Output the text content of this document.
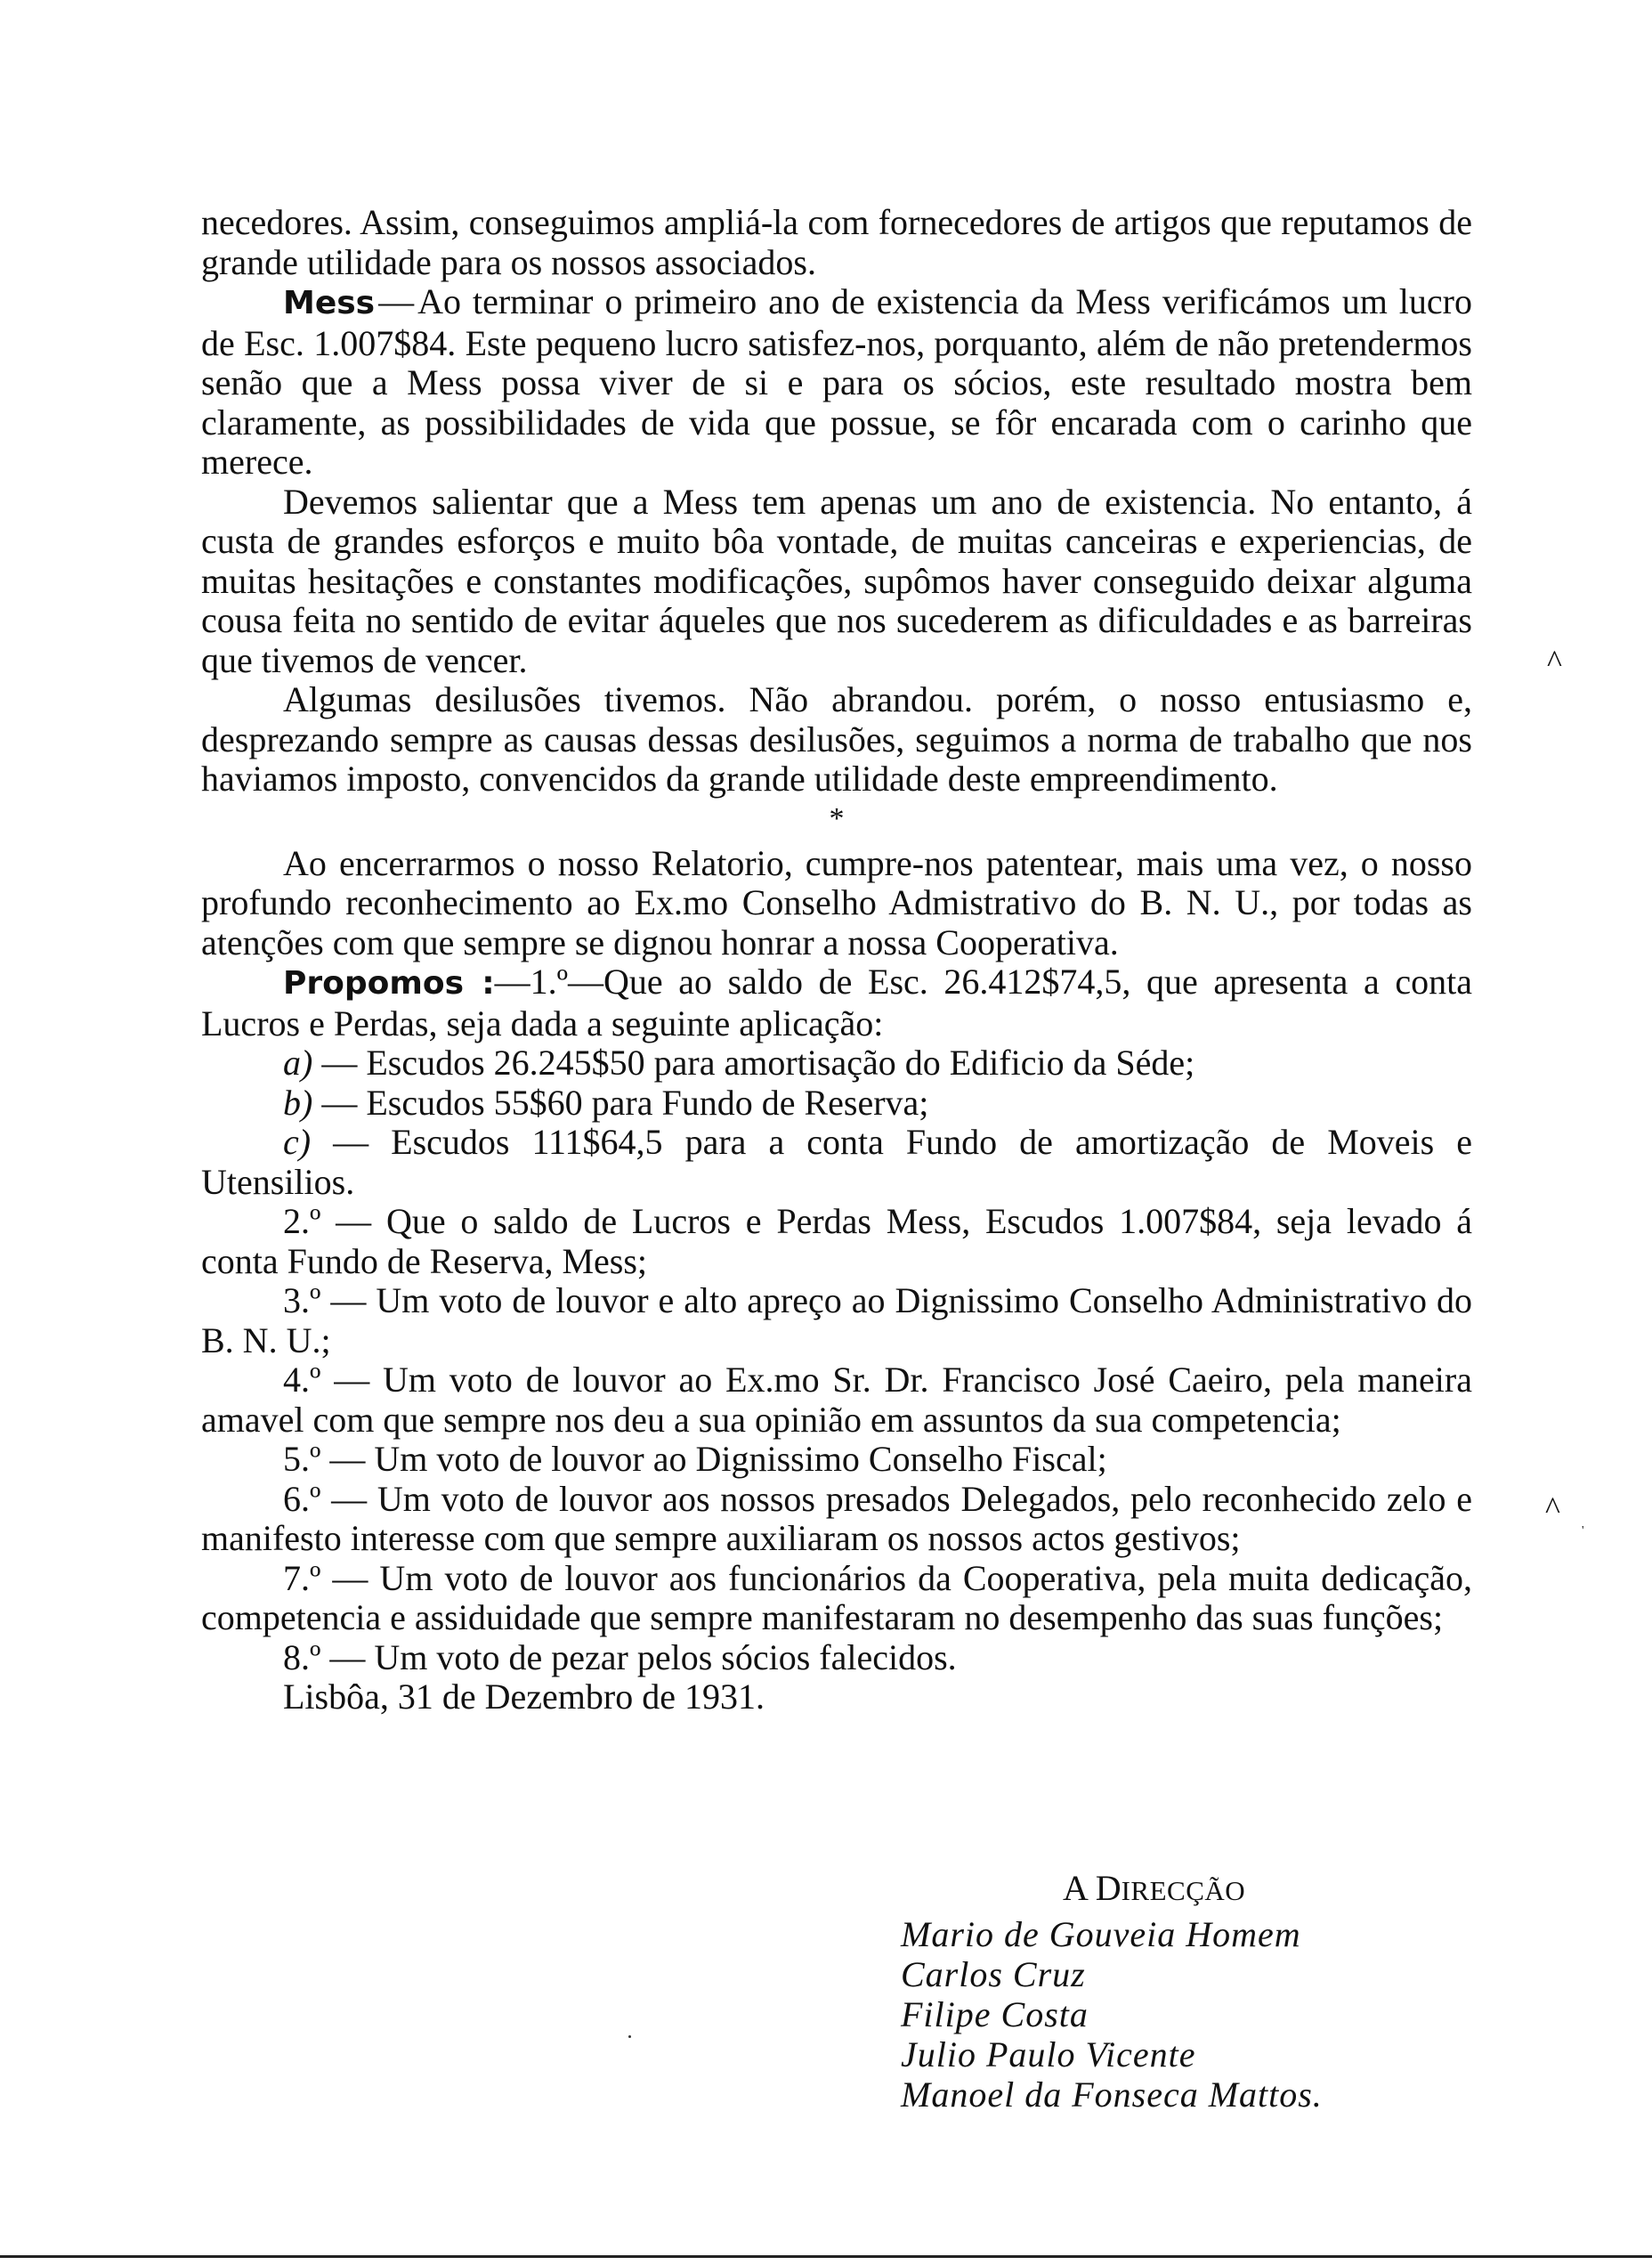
necedores. Assim, conseguimos ampliá-la com fornecedores de artigos que reputamos de grande utilidade para os nossos associados.

Mess — Ao terminar o primeiro ano de existencia da Mess verificámos um lucro de Esc. 1.007$84. Este pequeno lucro satisfez-nos, porquanto, além de não pretendermos senão que a Mess possa viver de si e para os sócios, este resultado mostra bem claramente, as possibilidades de vida que possue, se fôr encarada com o carinho que merece.

Devemos salientar que a Mess tem apenas um ano de existencia. No entanto, á custa de grandes esforços e muito bôa vontade, de muitas canceiras e experiencias, de muitas hesitações e constantes modificações, supômos haver conseguido deixar alguma cousa feita no sentido de evitar áqueles que nos sucederem as dificuldades e as barreiras que tivemos de vencer.

Algumas desilusões tivemos. Não abrandou. porém, o nosso entusiasmo e, desprezando sempre as causas dessas desilusões, seguimos a norma de trabalho que nos haviamos imposto, convencidos da grande utilidade deste empreendimento.

*

Ao encerrarmos o nosso Relatorio, cumpre-nos patentear, mais uma vez, o nosso profundo reconhecimento ao Ex.mo Conselho Admistrativo do B. N. U., por todas as atenções com que sempre se dignou honrar a nossa Cooperativa.

Propomos :—1.º—Que ao saldo de Esc. 26.412$74,5, que apresenta a conta Lucros e Perdas, seja dada a seguinte aplicação:

a) — Escudos 26.245$50 para amortisação do Edificio da Séde;

b) — Escudos 55$60 para Fundo de Reserva;

c) — Escudos 111$64,5 para a conta Fundo de amortização de Moveis e Utensilios.

2.º — Que o saldo de Lucros e Perdas Mess, Escudos 1.007$84, seja levado á conta Fundo de Reserva, Mess;

3.º — Um voto de louvor e alto apreço ao Dignissimo Conselho Administrativo do B. N. U.;

4.º — Um voto de louvor ao Ex.mo Sr. Dr. Francisco José Caeiro, pela maneira amavel com que sempre nos deu a sua opinião em assuntos da sua competencia;

5.º — Um voto de louvor ao Dignissimo Conselho Fiscal;

6.º — Um voto de louvor aos nossos presados Delegados, pelo reconhecido zelo e manifesto interesse com que sempre auxiliaram os nossos actos gestivos;

7.º — Um voto de louvor aos funcionários da Cooperativa, pela muita dedicação, competencia e assiduidade que sempre manifestaram no desempenho das suas funções;

8.º — Um voto de pezar pelos sócios falecidos.

Lisbôa, 31 de Dezembro de 1931.

A DIRECÇÃO
Mario de Gouveia Homem
Carlos Cruz
Filipe Costa
Julio Paulo Vicente
Manoel da Fonseca Mattos.
^
^
'
